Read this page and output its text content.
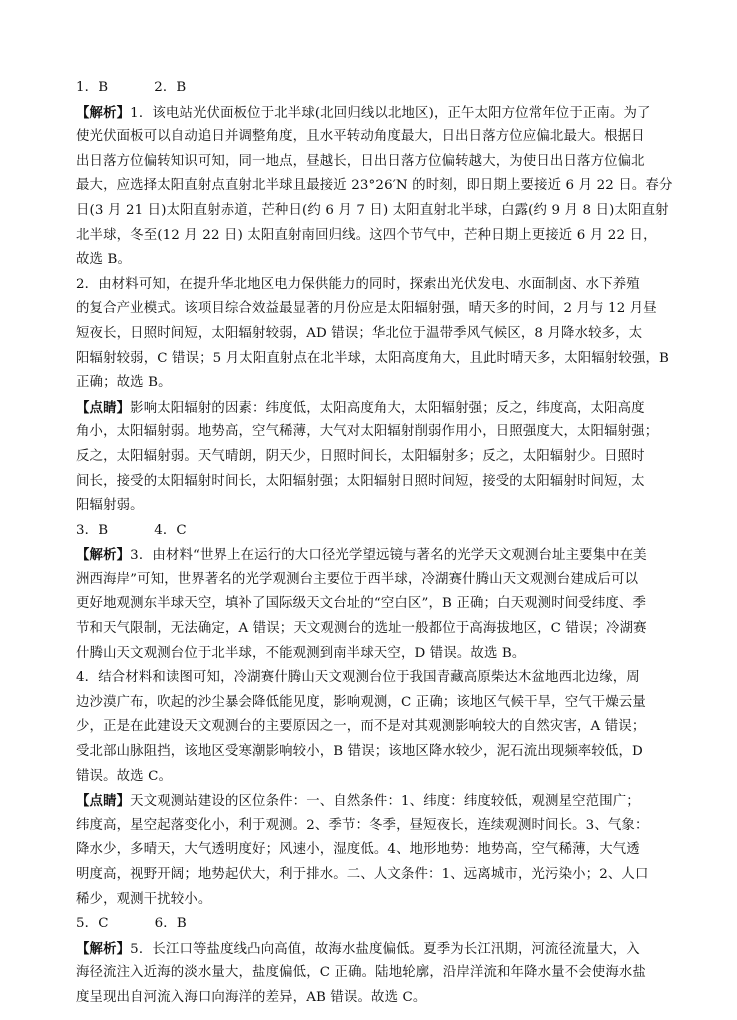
1．B	2．B
【解析】1．该电站光伏面板位于北半球(北回归线以北地区)，正午太阳方位常年位于正南。为了
使光伏面板可以自动追日并调整角度，且水平转动角度最大，日出日落方位应偏北最大。根据日
出日落方位偏转知识可知，同一地点，昼越长，日出日落方位偏转越大，为使日出日落方位偏北
最大，应选择太阳直射点直射北半球且最接近 23°26′N 的时刻，即日期上要接近 6 月 22 日。春分
日(3 月 21 日)太阳直射赤道，芒种日(约 6 月 7 日) 太阳直射北半球，白露(约 9 月 8 日)太阳直射
北半球，冬至(12 月 22 日) 太阳直射南回归线。这四个节气中，芒种日期上更接近 6 月 22 日，
故选 B。
2．由材料可知，在提升华北地区电力保供能力的同时，探索出光伏发电、水面制卤、水下养殖
的复合产业模式。该项目综合效益最显著的月份应是太阳辐射强，晴天多的时间，2 月与 12 月昼
短夜长，日照时间短，太阳辐射较弱，AD 错误；华北位于温带季风气候区，8 月降水较多，太
阳辐射较弱，C 错误；5 月太阳直射点在北半球，太阳高度角大，且此时晴天多，太阳辐射较强，B
正确；故选 B。
【点睛】影响太阳辐射的因素：纬度低，太阳高度角大，太阳辐射强；反之，纬度高，太阳高度
角小，太阳辐射弱。地势高，空气稀薄，大气对太阳辐射削弱作用小，日照强度大，太阳辐射强；
反之，太阳辐射弱。天气晴朗，阴天少，日照时间长，太阳辐射多；反之，太阳辐射少。日照时
间长，接受的太阳辐射时间长，太阳辐射强；太阳辐射日照时间短，接受的太阳辐射时间短，太
阳辐射弱。
3．B	4．C
【解析】3．由材料“世界上在运行的大口径光学望远镜与著名的光学天文观测台址主要集中在美
洲西海岸”可知，世界著名的光学观测台主要位于西半球，冷湖赛什腾山天文观测台建成后可以
更好地观测东半球天空，填补了国际级天文台址的“空白区”，B 正确；白天观测时间受纬度、季
节和天气限制，无法确定，A 错误；天文观测台的选址一般都位于高海拔地区，C 错误；冷湖赛
什腾山天文观测台位于北半球，不能观测到南半球天空，D 错误。故选 B。
4．结合材料和读图可知，冷湖赛什腾山天文观测台位于我国青藏高原柴达木盆地西北边缘，周
边沙漠广布，吹起的沙尘暴会降低能见度，影响观测，C 正确；该地区气候干旱，空气干燥云量
少，正是在此建设天文观测台的主要原因之一，而不是对其观测影响较大的自然灾害，A 错误；
受北部山脉阻挡，该地区受寒潮影响较小，B 错误；该地区降水较少，泥石流出现频率较低，D
错误。故选 C。
【点睛】天文观测站建设的区位条件：一、自然条件：1、纬度：纬度较低，观测星空范围广；
纬度高，星空起落变化小，利于观测。2、季节：冬季，昼短夜长，连续观测时间长。3、气象：
降水少，多晴天，大气透明度好；风速小，湿度低。4、地形地势：地势高，空气稀薄，大气透
明度高，视野开阔；地势起伏大，利于排水。二、人文条件：1、远离城市，光污染小；2、人口
稀少，观测干扰较小。
5．C	6．B
【解析】5．长江口等盐度线凸向高值，故海水盐度偏低。夏季为长江汛期，河流径流量大，入
海径流注入近海的淡水量大，盐度偏低，C 正确。陆地轮廓，沿岸洋流和年降水量不会使海水盐
度呈现出自河流入海口向海洋的差异，AB 错误。故选 C。
